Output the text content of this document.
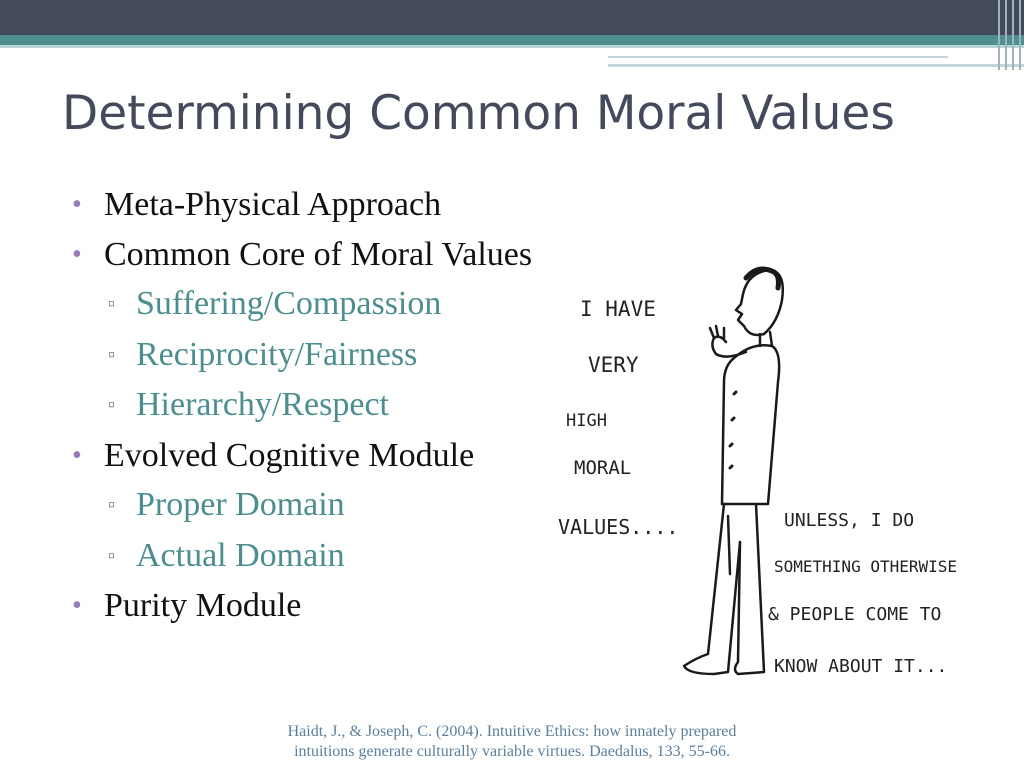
Determining Common Moral Values
• Meta-Physical Approach
• Common Core of Moral Values
▫ Suffering/Compassion
▫ Reciprocity/Fairness
▫ Hierarchy/Respect
• Evolved Cognitive Module
▫ Proper Domain
▫ Actual Domain
• Purity Module
I HAVE
VERY
HIGH
MORAL
VALUES....	UNLESS, I DO
SOMETHING OTHERWISE
& PEOPLE COME TO
KNOW ABOUT IT...
Haidt, J., & Joseph, C. (2004). Intuitive Ethics: how innately prepared
intuitions generate culturally variable virtues. Daedalus, 133, 55-66.
